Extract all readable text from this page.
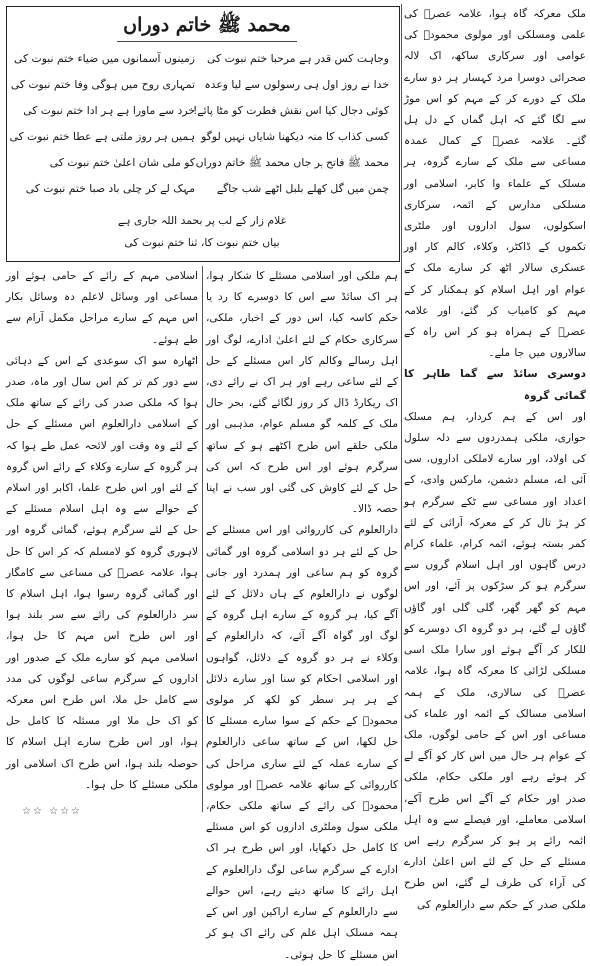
ملک معرکہ گاہ ہوا، علامہ عصرؒ کی علمی ومسلکی اور مولوی محمودؒ کی عوامی اور سرکاری ساکھ، اک لالہ صحرائی دوسرا مرد کہسار ہر دو سارے ملک کے دورے کر کے مہم کو اس موڑ سے لگا گئے کہ اہل گماں کے دل ہل گئے۔ علامہ عصرؒ کے کمال عمدہ مساعی سے ملک کے سارے گروہ، ہر مسلک کے علماء وا کابر، اسلامی اور مسلکی مدارس کے ائمہ، سرکاری اسکولوں، سول اداروں اور ملٹری تکموں کے ڈاکٹر، وکلاء، کالم کار اور عسکری سالار اٹھ کر سارے ملک کے عوام اور اہل اسلام کو ہمکنار کر کے مہم کو کامیاب کر گئے، اور علامہ عصرؒ کے ہمراہ ہو کر اس راہ کے سالاروں میں جا ملے۔

دوسری سائڈ سے گما طاہر کا گمائی گروہ

اور اس کے ہم کردار، ہم مسلک حواری، ملکی ہمدردوں سے دلہ سلول کی اولاد، اور سارے لاملکی اداروں، سی آئی اے، مسلم دشمن، مارکس وادی، کے اعداد اور مساعی سے ٹکے سرگرم ہو کر ہڑ تال کر کے معرکہ آرائی کے لئے کمر بستہ ہوئے، ائمہ کرام، علماء کرام درس گاہوں اور اہل اسلام گروں سے سرگرم ہو کر سڑکوں پر آئے، اور اس مہم کو گھر گھر، گلی گلی اور گاؤں گاؤں لے گئے، ہر دو گروہ اک دوسرے کو للکار کر آگے ہوئے اور سارا ملک اسی مسلکی لڑائی کا معرکہ گاہ ہوا، علامہ عصرؒ کی سالاری، ملک کے ہمہ اسلامی مسالک کے ائمہ اور علماء کی مساعی اور اس کے حامی لوگوں، ملک کے عوام ہر حال میں اس کار کو آگے لے کر ہوئے رہے اور ملکی حکام، ملکی صدر اور حکام کے آگے اس طرح آکے، اسلامی معاملے، اور فیصلے سے وہ اہل ائمہ رائے پر ہو کر سرگرم رہے اس مسئلے کے حل کے لئے اس اعلیٰ ادارے کی آراء کی طرف لے گئے، اس طرح ملکی صدر کے حکم سے دارالعلوم کی

محمد ﷺ خاتم دوراں
وجاہت کس قدر ہے مرحبا ختم نبوت کی
زمینوں آسمانوں میں ضیاء ختم نبوت کی
خدا نے روز اول ہی رسولوں سے لیا وعدہ
تمہاری روح میں ہوگی وفا ختم نبوت کی
کوئی دجال کیا اس نقش فطرت کو مٹا پائے!
خرد سے ماورا ہے ہر ادا ختم نبوت کی
کسی کذاب کا منہ دیکھنا شایاں نہیں لوگو
ہمیں ہر روز ملتی ہے عطا ختم نبوت کی
محمد ﷺ فاتح ہر جاں محمد ﷺ خاتم دوراں
کو ملی شان اعلیٰ ختم نبوت کی
چمن میں گل کھلے بلبل اٹھے شب جاگے
مہک لے کر چلی باد صبا ختم نبوت کی
غلام زار کے لب پر بحمد اللہ جاری ہے
بیاں ختم نبوت کا، ثنا ختم نبوت کی

ہم ملکی اور اسلامی مسئلے کا شکار ہوا، ہر اک سائڈ سے اس کا دوسرے کا رد یا حکم کاسہ کیا، اس دور کے اخبار، ملکی، سرکاری حکام کے لئے اعلیٰ ادارے، لوگ اور اہل رسالے وکالم کار اس مسئلے کے حل کے لئے ساعی رہے اور ہر اک نے رائے دی، اک ریکارڈ ڈال کر روز لگائے گئے، بحر حال ملک کے کلمہ گو مسلم عوام، مذہبی اور ملکی حلقے اس طرح اکٹھے ہو کے ساتھ سرگرم ہوئے اور اس طرح کہ اس کی حل کے لئے کاوش کی گئی اور سب نے اپنا حصہ ڈالا۔

دارالعلوم کی کارروائی اور اس مسئلے کے حل کے لئے ہر دو اسلامی گروہ اور گمائی گروہ کو ہم ساعی اور ہمدرد اور جانی لوگوں نے دارالعلوم کے ہاں دلائل کے لئے آگے کیا، ہر گروہ کے سارے اہل گروہ کے لوگ اور گواہ آگے آئے، کہ دارالعلوم کے وکلاء نے ہر دو گروہ کے دلائل، گواہوں اور اسلامی احکام کو سنا اور سارے دلائل کے ہر ہر سطر کو لکھ کر مولوی محمودؒ کے حکم کے سوا سارے مسئلے کا حل لکھا، اس کے ساتھ ساعی دارالعلوم کے سارے عملہ کے لئے ساری مراحل کی کارروائی کے ساتھ علامہ عصرؒ اور مولوی محمودؒ کی رائے کے ساتھ ملکی حکام، ملکی سول وملٹری اداروں کو اس مسئلے کا کامل حل دکھایا، اور اس طرح ہر اک ادارے کے سرگرم ساعی لوگ دارالعلوم کے اہل رائے کا ساتھ دیتے رہے، اس حوالے سے دارالعلوم کے سارے اراکین اور اس کے ہمہ مسلک اہل علم کی رائے اک ہو کر اس مسئلے کا حل ہوئی۔

اسلامی مہم کے رائے کے حامی ہوئے اور مساعی اور وسائل لاعلم دہ وسائل بکار اس مہم کے سارے مراحل مکمل آرام سے طے ہوئے۔

اٹھارہ سو اک سوعدی کے اس کے دہائی سے دور کم تر کم اس سال اور ماہ، صدر ہوا کہ ملکی صدر کی رائے کے ساتھ ملک کے اسلامی دارالعلوم اس مسئلے کے حل کے لئے وہ وقت اور لائحہ عمل طے ہوا کہ ہر گروہ کے سارے وکلاء کے رائے اس گروہ کے لئے اور اس طرح علما، اکابر اور اسلام کے حوالے سے وہ اہل اسلام مسئلے کے حل کے لئے سرگرم ہوئے، گمائی گروہ اور لاہوری گروہ کو لامسلم کہ کر اس کا حل ہوا، علامہ عصرؒ کی مساعی سے کامگار اور گمائی گروہ رسوا ہوا، اہل اسلام کا سر دارالعلوم کی رائے سے سر بلند ہوا اور اس طرح اس مہم کا حل ہوا، اسلامی مہم کو سارے ملک کے صدور اور اداروں کے سرگرم ساعی لوگوں کی مدد سے کامل حل ملا، اس طرح اس معرکہ کو اک حل ملا اور مسئلہ کا کامل حل ہوا، اور اس طرح سارے اہل اسلام کا حوصلہ بلند ہوا، اس طرح اک اسلامی اور ملکی مسئلے کا حل ہوا۔

☆☆ ☆☆☆
